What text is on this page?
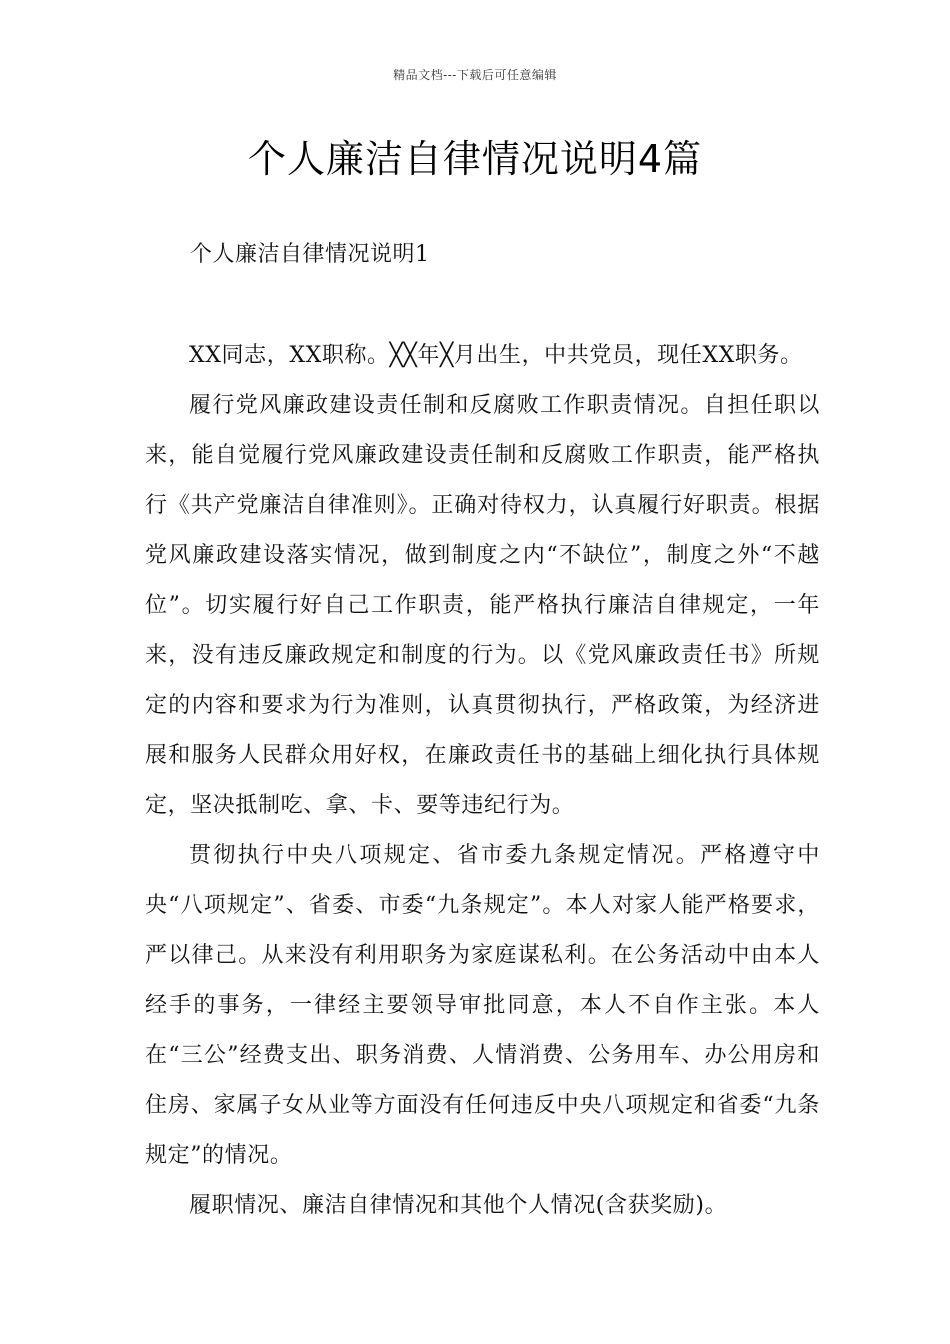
精品文档---下载后可任意编辑
个人廉洁自律情况说明4篇
个人廉洁自律情况说明1

XX同志，XX职称。╳╳年╳月出生，中共党员，现任XX职务。

履行党风廉政建设责任制和反腐败工作职责情况。自担任职以来，能自觉履行党风廉政建设责任制和反腐败工作职责，能严格执行《共产党廉洁自律准则》。正确对待权力，认真履行好职责。根据党风廉政建设落实情况，做到制度之内“不缺位”，制度之外“不越位”。切实履行好自己工作职责，能严格执行廉洁自律规定，一年来，没有违反廉政规定和制度的行为。以《党风廉政责任书》所规定的内容和要求为行为准则，认真贯彻执行，严格政策，为经济进展和服务人民群众用好权，在廉政责任书的基础上细化执行具体规定，坚决抵制吃、拿、卡、要等违纪行为。

贯彻执行中央八项规定、省市委九条规定情况。严格遵守中央“八项规定”、省委、市委“九条规定”。本人对家人能严格要求，严以律己。从来没有利用职务为家庭谋私利。在公务活动中由本人经手的事务，一律经主要领导审批同意，本人不自作主张。本人在“三公”经费支出、职务消费、人情消费、公务用车、办公用房和住房、家属子女从业等方面没有任何违反中央八项规定和省委“九条规定”的情况。

履职情况、廉洁自律情况和其他个人情况(含获奖励)。
